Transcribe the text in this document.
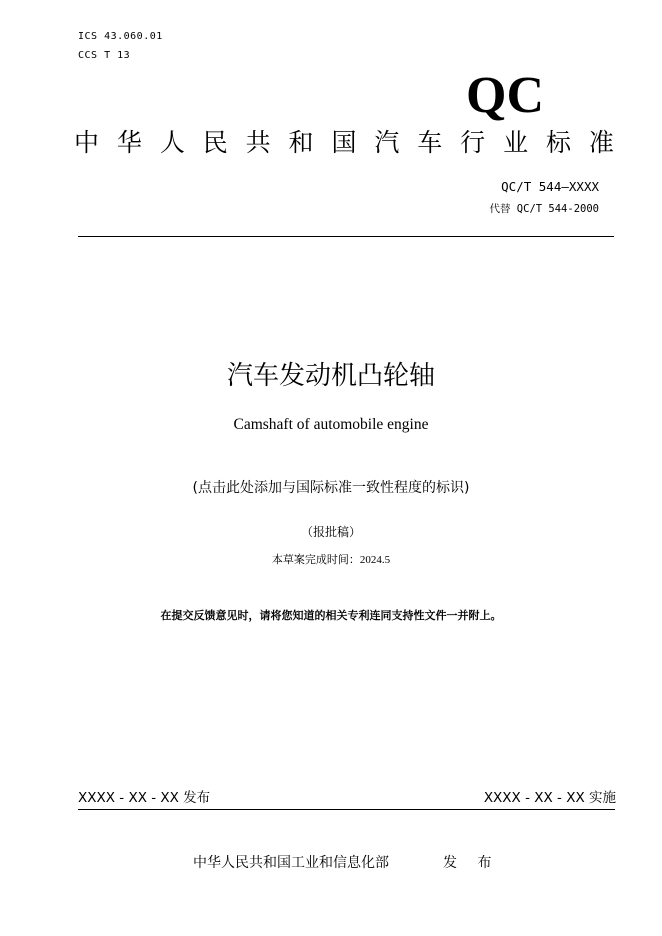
ICS 43.060.01
CCS T 13
QC
中 华 人 民 共 和 国 汽 车 行 业 标 准
QC/T 544—XXXX
代替 QC/T 544-2000
汽车发动机凸轮轴
Camshaft of automobile engine
(点击此处添加与国际标准一致性程度的标识)
（报批稿）
本草案完成时间：2024.5
在提交反馈意见时，请将您知道的相关专利连同支持性文件一并附上。
XXXX - XX - XX 发布	XXXX - XX - XX 实施
中华人民共和国工业和信息化部	发 布
